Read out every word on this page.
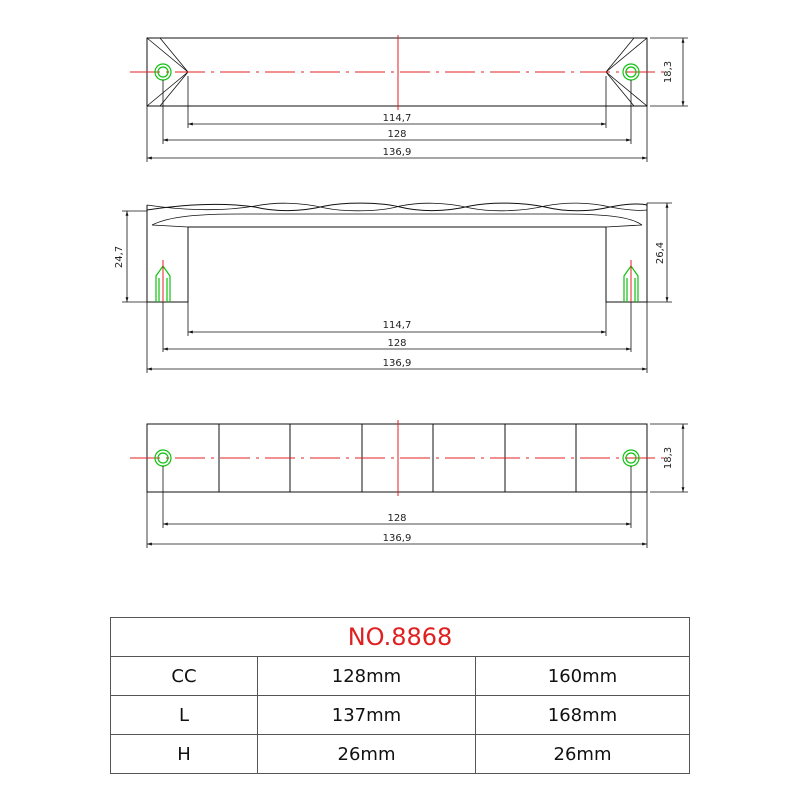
18,3
114,7
128
136,9
24,7	26,4
114,7
128
136,9
18,3
128
136,9
NO.8868		
CC	128mm	160mm
L	137mm	168mm
H	26mm	26mm
